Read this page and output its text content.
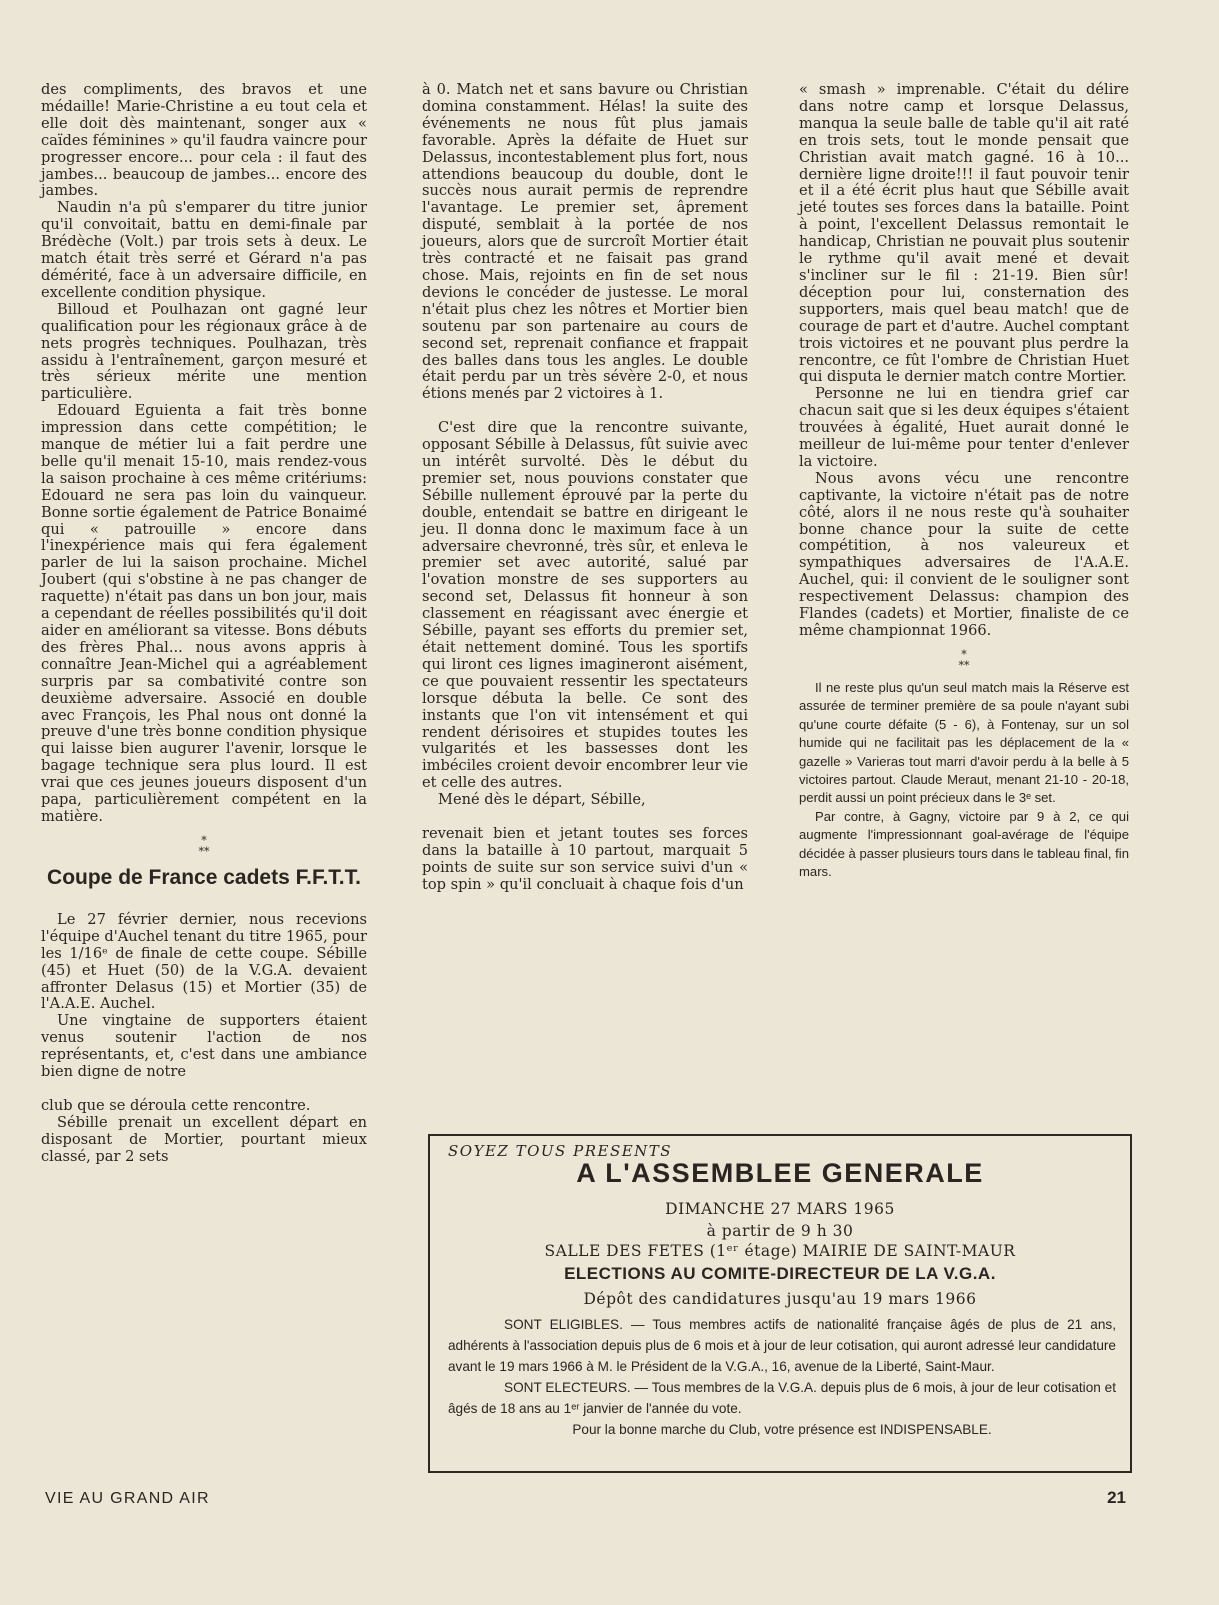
des compliments, des bravos et une médaille! Marie-Christine a eu tout cela et elle doit dès maintenant, songer aux « caïdes féminines » qu'il faudra vaincre pour progresser encore... pour cela : il faut des jambes... beaucoup de jambes... encore des jambes.

Naudin n'a pû s'emparer du titre junior qu'il convoitait, battu en demi-finale par Brédèche (Volt.) par trois sets à deux. Le match était très serré et Gérard n'a pas démérité, face à un adversaire difficile, en excellente condition physique.

Billoud et Poulhazan ont gagné leur qualification pour les régionaux grâce à de nets progrès techniques. Poulhazan, très assidu à l'entraînement, garçon mesuré et très sérieux mérite une mention particulière.

Edouard Eguienta a fait très bonne impression dans cette compétition; le manque de métier lui a fait perdre une belle qu'il menait 15-10, mais rendez-vous la saison prochaine à ces même critériums: Edouard ne sera pas loin du vainqueur. Bonne sortie également de Patrice Bonaimé qui « patrouille » encore dans l'inexpérience mais qui fera également parler de lui la saison prochaine. Michel Joubert (qui s'obstine à ne pas changer de raquette) n'était pas dans un bon jour, mais a cependant de réelles possibilités qu'il doit aider en améliorant sa vitesse. Bons débuts des frères Phal... nous avons appris à connaître Jean-Michel qui a agréablement surpris par sa combativité contre son deuxième adversaire. Associé en double avec François, les Phal nous ont donné la preuve d'une très bonne condition physique qui laisse bien augurer l'avenir, lorsque le bagage technique sera plus lourd. Il est vrai que ces jeunes joueurs disposent d'un papa, particulièrement compétent en la matière.

*
**
Coupe de France cadets F.F.T.T.

Le 27 février dernier, nous recevions l'équipe d'Auchel tenant du titre 1965, pour les 1/16ᵉ de finale de cette coupe. Sébille (45) et Huet (50) de la V.G.A. devaient affronter Delasus (15) et Mortier (35) de l'A.A.E. Auchel.

Une vingtaine de supporters étaient venus soutenir l'action de nos représentants, et, c'est dans une ambiance bien digne de notre

club que se déroula cette rencontre.

Sébille prenait un excellent départ en disposant de Mortier, pourtant mieux classé, par 2 sets

à 0. Match net et sans bavure ou Christian domina constamment. Hélas! la suite des événements ne nous fût plus jamais favorable. Après la défaite de Huet sur Delassus, incontestablement plus fort, nous attendions beaucoup du double, dont le succès nous aurait permis de reprendre l'avantage. Le premier set, âprement disputé, semblait à la portée de nos joueurs, alors que de surcroît Mortier était très contracté et ne faisait pas grand chose. Mais, rejoints en fin de set nous devions le concéder de justesse. Le moral n'était plus chez les nôtres et Mortier bien soutenu par son partenaire au cours de second set, reprenait confiance et frappait des balles dans tous les angles. Le double était perdu par un très sévère 2-0, et nous étions menés par 2 victoires à 1.

C'est dire que la rencontre suivante, opposant Sébille à Delassus, fût suivie avec un intérêt survolté. Dès le début du premier set, nous pouvions constater que Sébille nullement éprouvé par la perte du double, entendait se battre en dirigeant le jeu. Il donna donc le maximum face à un adversaire chevronné, très sûr, et enleva le premier set avec autorité, salué par l'ovation monstre de ses supporters au second set, Delassus fit honneur à son classement en réagissant avec énergie et Sébille, payant ses efforts du premier set, était nettement dominé. Tous les sportifs qui liront ces lignes imagineront aisément, ce que pouvaient ressentir les spectateurs lorsque débuta la belle. Ce sont des instants que l'on vit intensément et qui rendent dérisoires et stupides toutes les vulgarités et les bassesses dont les imbéciles croient devoir encombrer leur vie et celle des autres.

Mené dès le départ, Sébille,

revenait bien et jetant toutes ses forces dans la bataille à 10 partout, marquait 5 points de suite sur son service suivi d'un « top spin » qu'il concluait à chaque fois d'un

« smash » imprenable. C'était du délire dans notre camp et lorsque Delassus, manqua la seule balle de table qu'il ait raté en trois sets, tout le monde pensait que Christian avait match gagné. 16 à 10... dernière ligne droite!!! il faut pouvoir tenir et il a été écrit plus haut que Sébille avait jeté toutes ses forces dans la bataille. Point à point, l'excellent Delassus remontait le handicap, Christian ne pouvait plus soutenir le rythme qu'il avait mené et devait s'incliner sur le fil : 21-19. Bien sûr! déception pour lui, consternation des supporters, mais quel beau match! que de courage de part et d'autre. Auchel comptant trois victoires et ne pouvant plus perdre la rencontre, ce fût l'ombre de Christian Huet qui disputa le dernier match contre Mortier.

Personne ne lui en tiendra grief car chacun sait que si les deux équipes s'étaient trouvées à égalité, Huet aurait donné le meilleur de lui-même pour tenter d'enlever la victoire.

Nous avons vécu une rencontre captivante, la victoire n'était pas de notre côté, alors il ne nous reste qu'à souhaiter bonne chance pour la suite de cette compétition, à nos valeureux et sympathiques adversaires de l'A.A.E. Auchel, qui: il convient de le souligner sont respectivement Delassus: champion des Flandes (cadets) et Mortier, finaliste de ce même championnat 1966.

*
**

Il ne reste plus qu'un seul match mais la Réserve est assurée de terminer première de sa poule n'ayant subi qu'une courte défaite (5 - 6), à Fontenay, sur un sol humide qui ne facilitait pas les déplacement de la « gazelle » Varieras tout marri d'avoir perdu à la belle à 5 victoires partout. Claude Meraut, menant 21-10 - 20-18, perdit aussi un point précieux dans le 3ᵉ set.

Par contre, à Gagny, victoire par 9 à 2, ce qui augmente l'impressionnant goal-avérage de l'équipe décidée à passer plusieurs tours dans le tableau final, fin mars.

SOYEZ TOUS PRESENTS
A L'ASSEMBLEE GENERALE
DIMANCHE 27 MARS 1965
à partir de 9 h 30
SALLE DES FETES (1ᵉʳ étage) MAIRIE DE SAINT-MAUR
ELECTIONS AU COMITE-DIRECTEUR DE LA V.G.A.
Dépôt des candidatures jusqu'au 19 mars 1966

SONT ELIGIBLES. — Tous membres actifs de nationalité française âgés de plus de 21 ans, adhérents à l'association depuis plus de 6 mois et à jour de leur cotisation, qui auront adressé leur candidature avant le 19 mars 1966 à M. le Président de la V.G.A., 16, avenue de la Liberté, Saint-Maur.

SONT ELECTEURS. — Tous membres de la V.G.A. depuis plus de 6 mois, à jour de leur cotisation et âgés de 18 ans au 1ᵉʳ janvier de l'année du vote.

Pour la bonne marche du Club, votre présence est INDISPENSABLE.

VIE AU GRAND AIR	21
